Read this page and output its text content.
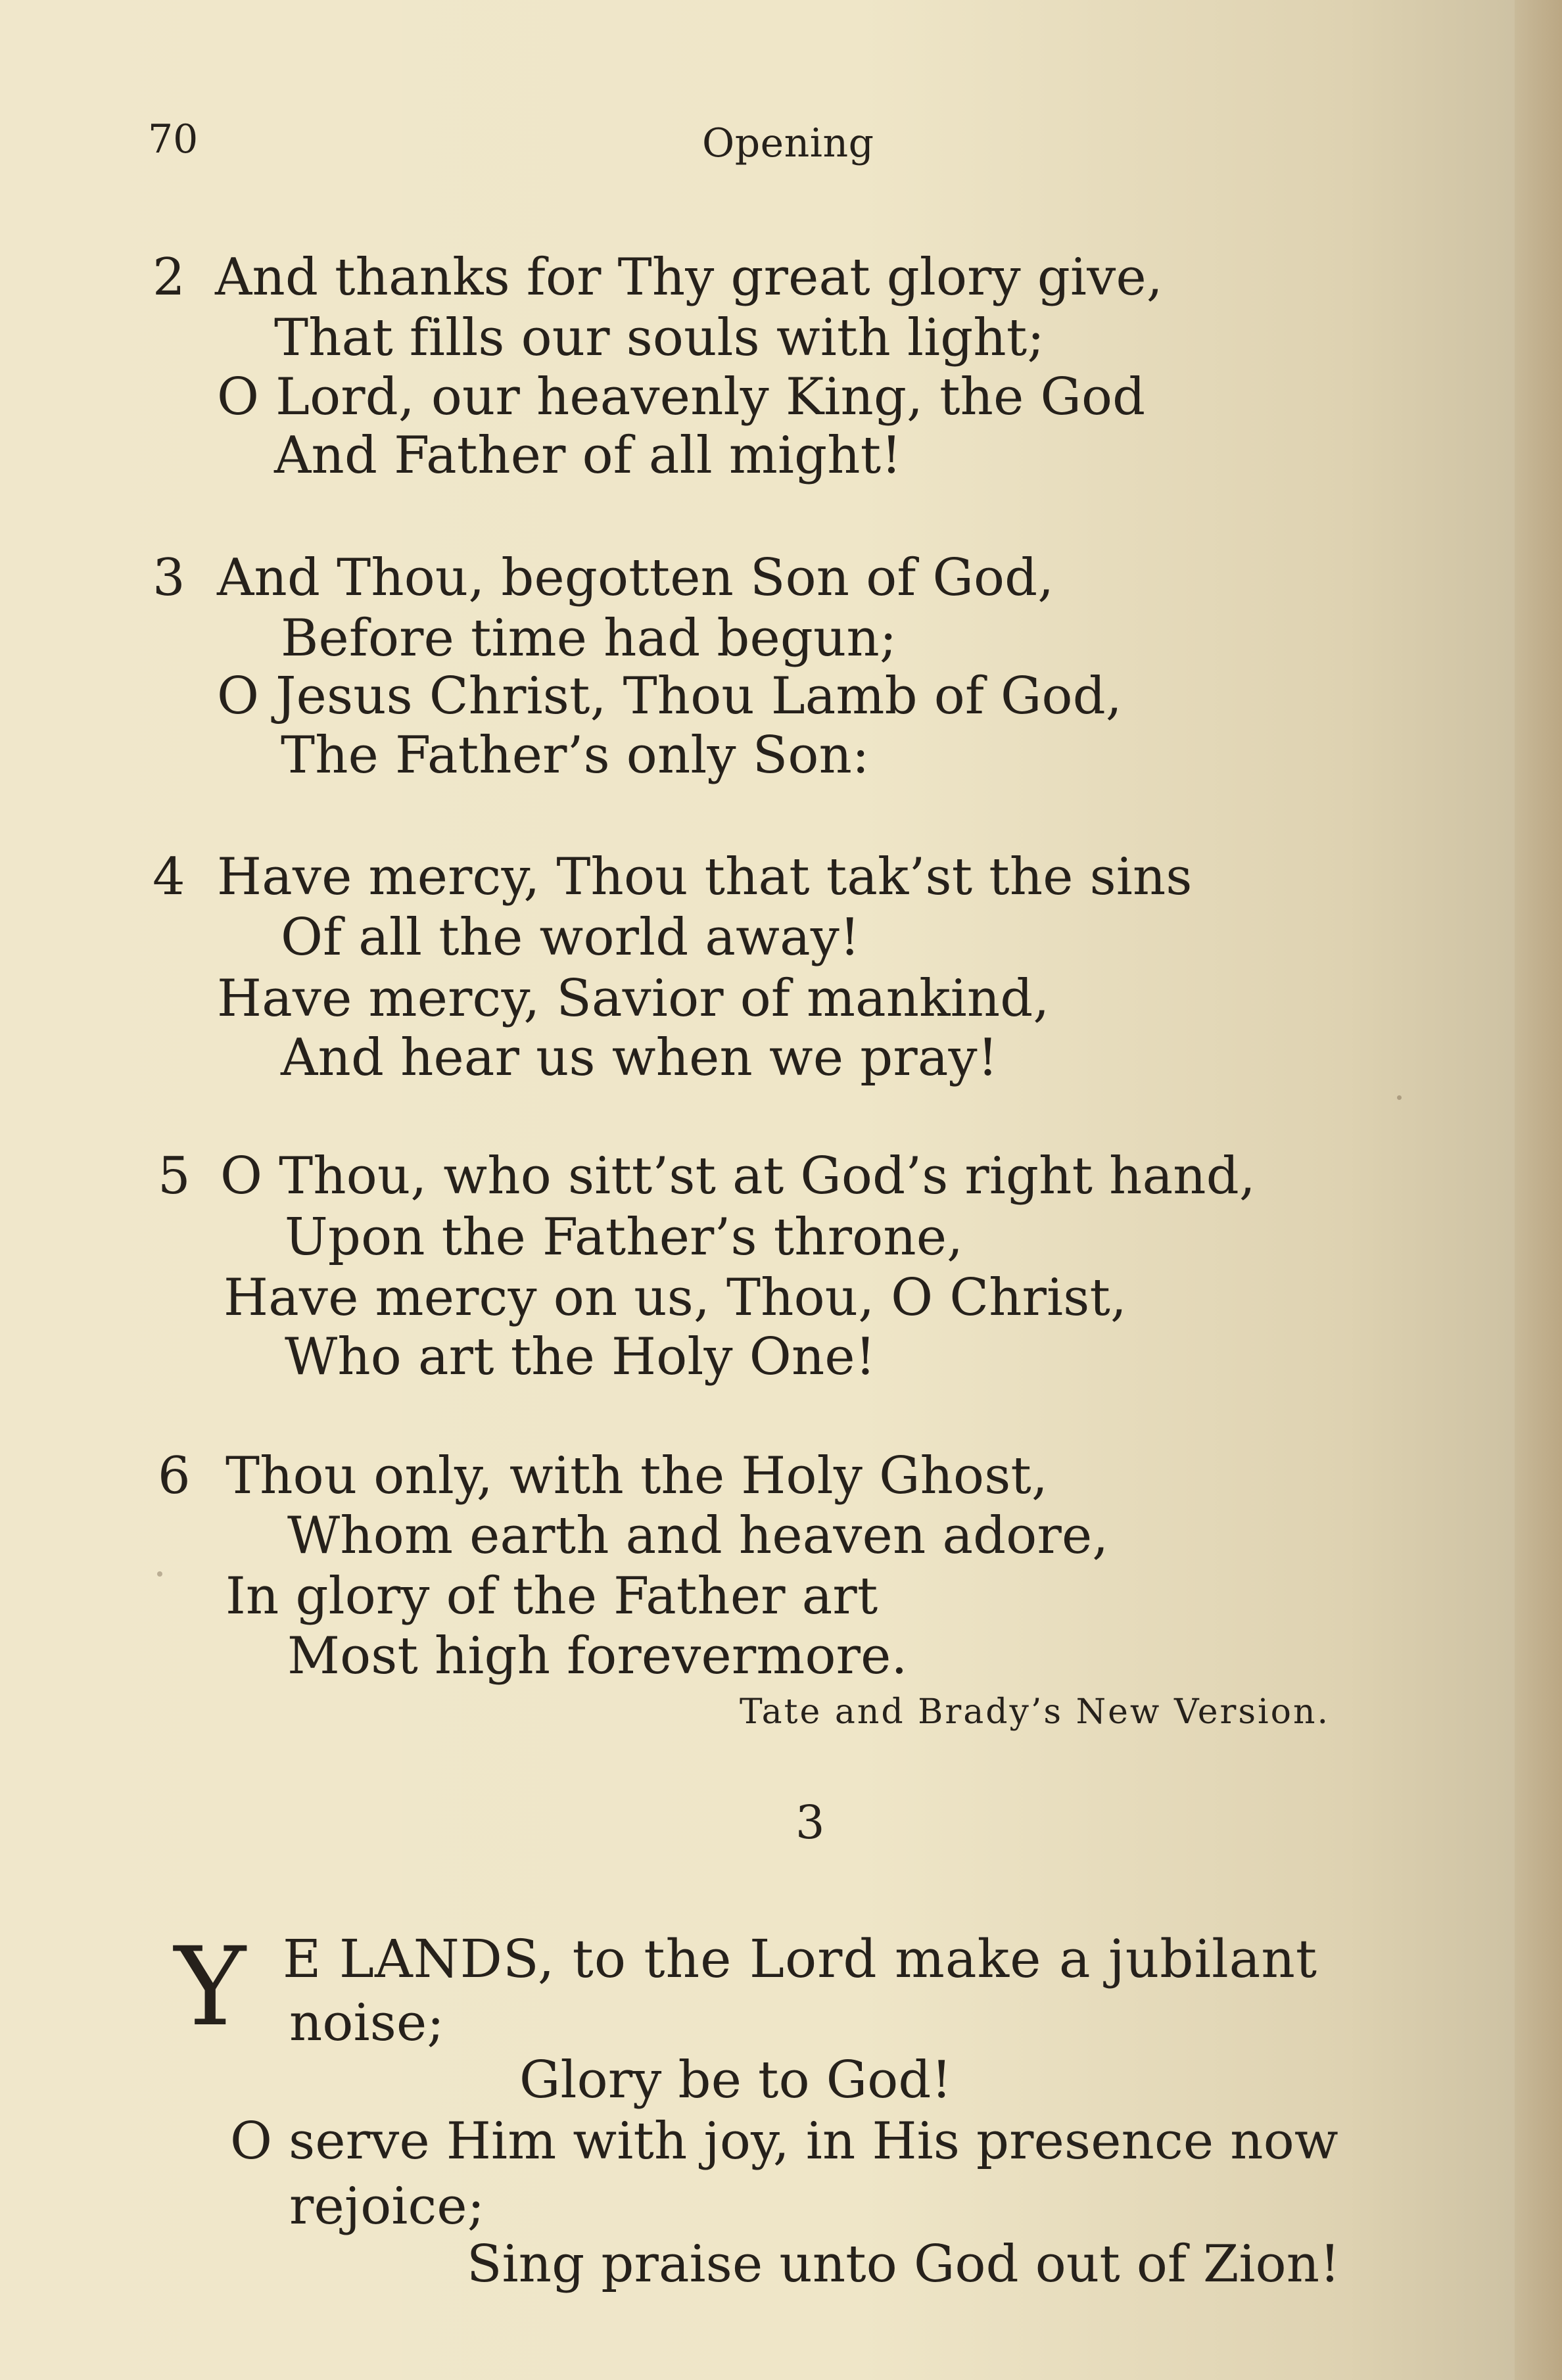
70	Opening
2 And thanks for Thy great glory give,
That fills our souls with light;
O Lord, our heavenly King, the God
And Father of all might!
3 And Thou, begotten Son of God,
Before time had begun;
O Jesus Christ, Thou Lamb of God,
The Father’s only Son:
4 Have mercy, Thou that tak’st the sins
Of all the world away!
Have mercy, Savior of mankind,
And hear us when we pray!
5 O Thou, who sitt’st at God’s right hand,
Upon the Father’s throne,
Have mercy on us, Thou, O Christ,
Who art the Holy One!
6 Thou only, with the Holy Ghost,
Whom earth and heaven adore,
In glory of the Father art
Most high forevermore.
Tate and Brady’s New Version.
3
Y E LANDS, to the Lord make a jubilant
noise;
Glory be to God!
O serve Him with joy, in His presence now
rejoice;
Sing praise unto God out of Zion!
